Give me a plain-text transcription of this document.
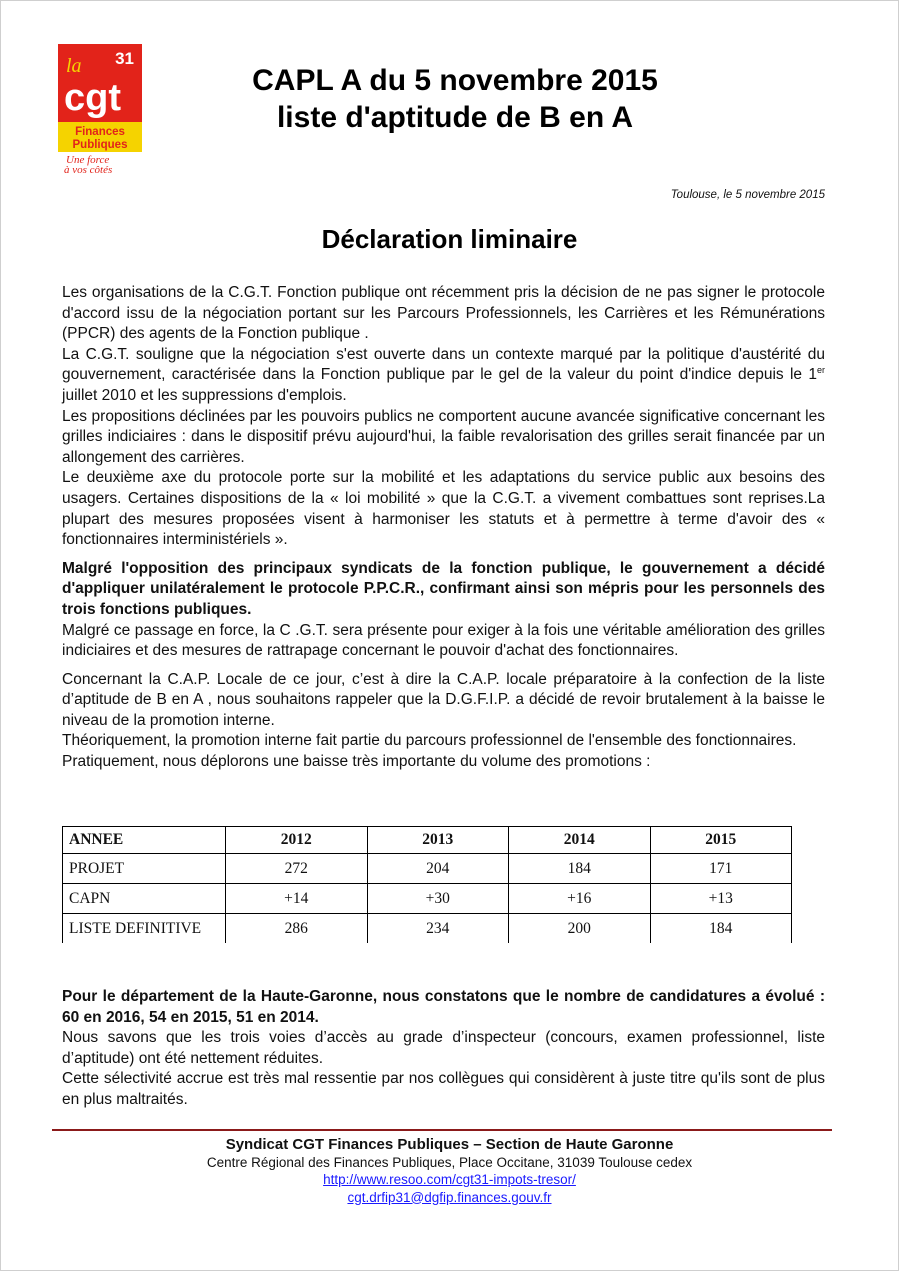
31
la
cgt
Finances
Publiques
Une force
à vos côtés
CAPL A du 5 novembre 2015
liste d'aptitude de B en A
Toulouse, le 5 novembre 2015
Déclaration liminaire

Les organisations de la C.G.T. Fonction publique ont récemment pris la décision de ne pas signer le protocole d'accord issu de la négociation portant sur les Parcours Professionnels, les Carrières et les Rémunérations (PPCR) des agents de la Fonction publique .

La C.G.T. souligne que la négociation s'est ouverte dans un contexte marqué par la politique d'austérité du gouvernement, caractérisée dans la Fonction publique par le gel de la valeur du point d'indice depuis le 1er juillet 2010 et les suppressions d'emplois.

Les propositions déclinées par les pouvoirs publics ne comportent aucune avancée significative concernant les grilles indiciaires : dans le dispositif prévu aujourd'hui, la faible revalorisation des grilles serait financée par un allongement des carrières.

Le deuxième axe du protocole porte sur la mobilité et les adaptations du service public aux besoins des usagers. Certaines dispositions de la « loi mobilité » que la C.G.T. a vivement combattues sont reprises.La plupart des mesures proposées visent à harmoniser les statuts et à permettre à terme d'avoir des « fonctionnaires interministériels ».

Malgré l'opposition des principaux syndicats de la fonction publique, le gouvernement a décidé d'appliquer unilatéralement le protocole P.P.C.R., confirmant ainsi son mépris pour les personnels des trois fonctions publiques.

Malgré ce passage en force, la C .G.T. sera présente pour exiger à la fois une véritable amélioration des grilles indiciaires et des mesures de rattrapage concernant le pouvoir d'achat des fonctionnaires.

Concernant la C.A.P. Locale de ce jour, c’est à dire la C.A.P. locale préparatoire à la confection de la liste d’aptitude de B en A , nous souhaitons rappeler que la D.G.F.I.P. a décidé de revoir brutalement à la baisse le niveau de la promotion interne.

Théoriquement, la promotion interne fait partie du parcours professionnel de l'ensemble des fonctionnaires.

Pratiquement, nous déplorons une baisse très importante du volume des promotions :

ANNEE	2012	2013	2014	2015
PROJET	272	204	184	171
CAPN	+14	+30	+16	+13
LISTE DEFINITIVE	286	234	200	184

Pour le département de la Haute-Garonne, nous constatons que le nombre de candidatures a évolué : 60 en 2016, 54 en 2015, 51 en 2014.

Nous savons que les trois voies d’accès au grade d’inspecteur (concours, examen professionnel, liste d’aptitude) ont été nettement réduites.

Cette sélectivité accrue est très mal ressentie par nos collègues qui considèrent à juste titre qu'ils sont de plus en plus maltraités.

Syndicat CGT Finances Publiques – Section de Haute Garonne
Centre Régional des Finances Publiques, Place Occitane, 31039 Toulouse cedex
http://www.resoo.com/cgt31-impots-tresor/
cgt.drfip31@dgfip.finances.gouv.fr
